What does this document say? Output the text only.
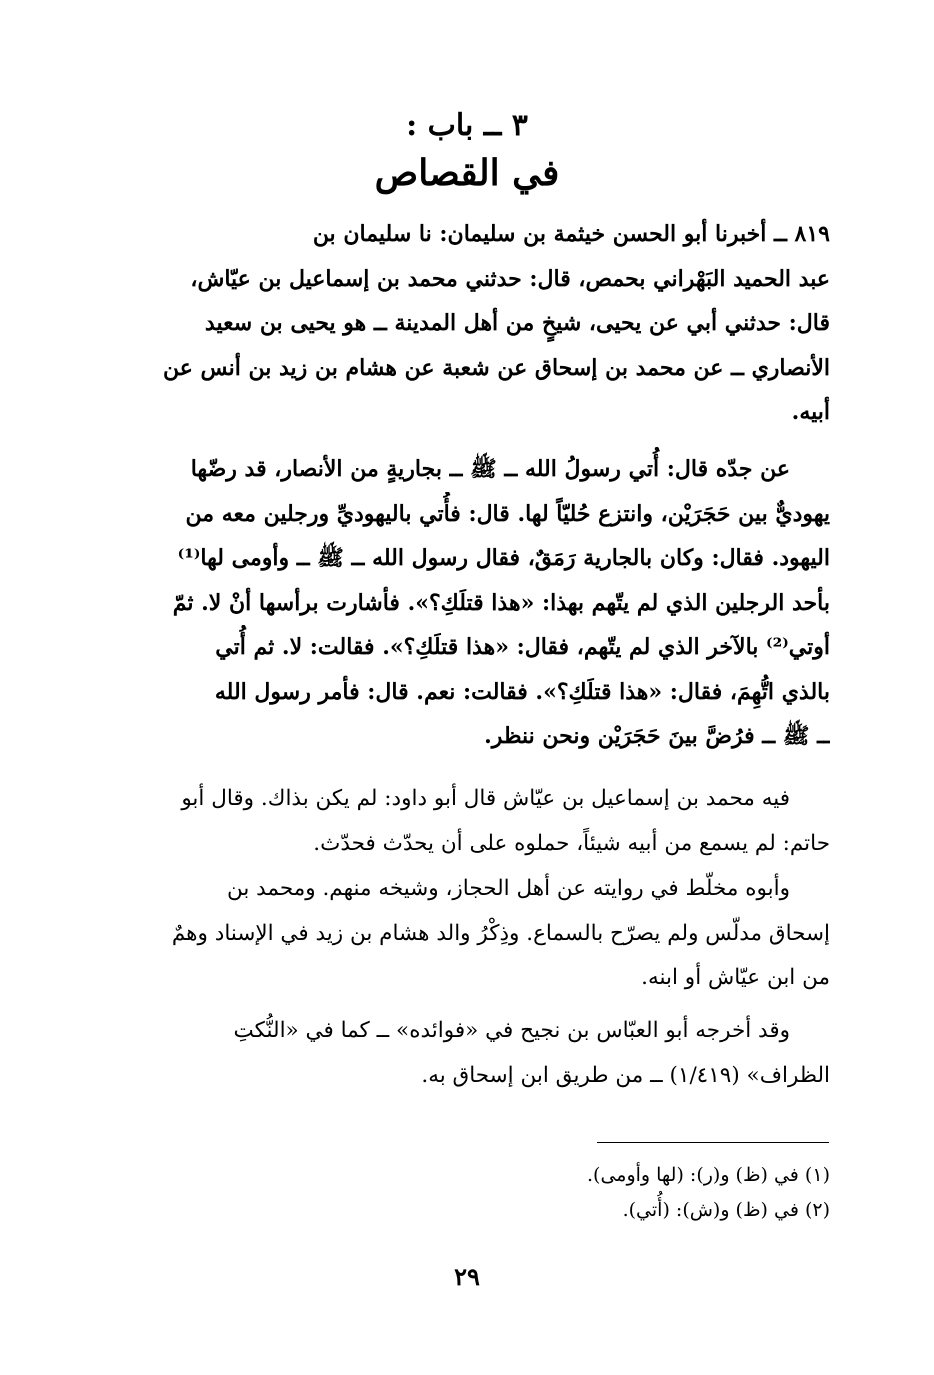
٣ ــ باب :
في القصاص
٨١٩ ــ أخبرنا أبو الحسن خيثمة بن سليمان: نا سليمان بن
عبد الحميد البَهْراني بحمص، قال: حدثني محمد بن إسماعيل بن عيّاش،
قال: حدثني أبي عن يحيى، شيخٍ من أهل المدينة ــ هو يحيى بن سعيد
الأنصاري ــ عن محمد بن إسحاق عن شعبة عن هشام بن زيد بن أنس عن
أبيه.
عن جدّه قال: أُتي رسولُ الله ــ ﷺ ــ بجاريةٍ من الأنصار، قد رضّها
يهوديٌّ بين حَجَرَيْن، وانتزع حُليّاً لها. قال: فأُتي باليهوديِّ ورجلين معه من
اليهود. فقال: وكان بالجارية رَمَقٌ، فقال رسول الله ــ ﷺ ــ وأومى لها⁽¹⁾
بأحد الرجلين الذي لم يتّهم بهذا: «هذا قتلَكِ؟». فأشارت برأسها أنْ لا. ثمّ
أوتي⁽²⁾ بالآخر الذي لم يتّهم، فقال: «هذا قتلَكِ؟». فقالت: لا. ثم أُتي
بالذي اتُّهِمَ، فقال: «هذا قتلَكِ؟». فقالت: نعم. قال: فأمر رسول الله
ــ ﷺ ــ فرُضَّ بينَ حَجَرَيْن ونحن ننظر.
فيه محمد بن إسماعيل بن عيّاش قال أبو داود: لم يكن بذاك. وقال أبو
حاتم: لم يسمع من أبيه شيئاً، حملوه على أن يحدّث فحدّث.
وأبوه مخلّط في روايته عن أهل الحجاز، وشيخه منهم. ومحمد بن
إسحاق مدلّس ولم يصرّح بالسماع. وذِكْرُ والد هشام بن زيد في الإسناد وهمٌ
من ابن عيّاش أو ابنه.
وقد أخرجه أبو العبّاس بن نجيح في «فوائده» ــ كما في «النُّكتِ
الظراف» (١/٤١٩) ــ من طريق ابن إسحاق به.
(١) في (ظ) و(ر): (لها وأومى).
(٢) في (ظ) و(ش): (أُتي).
٢٩
